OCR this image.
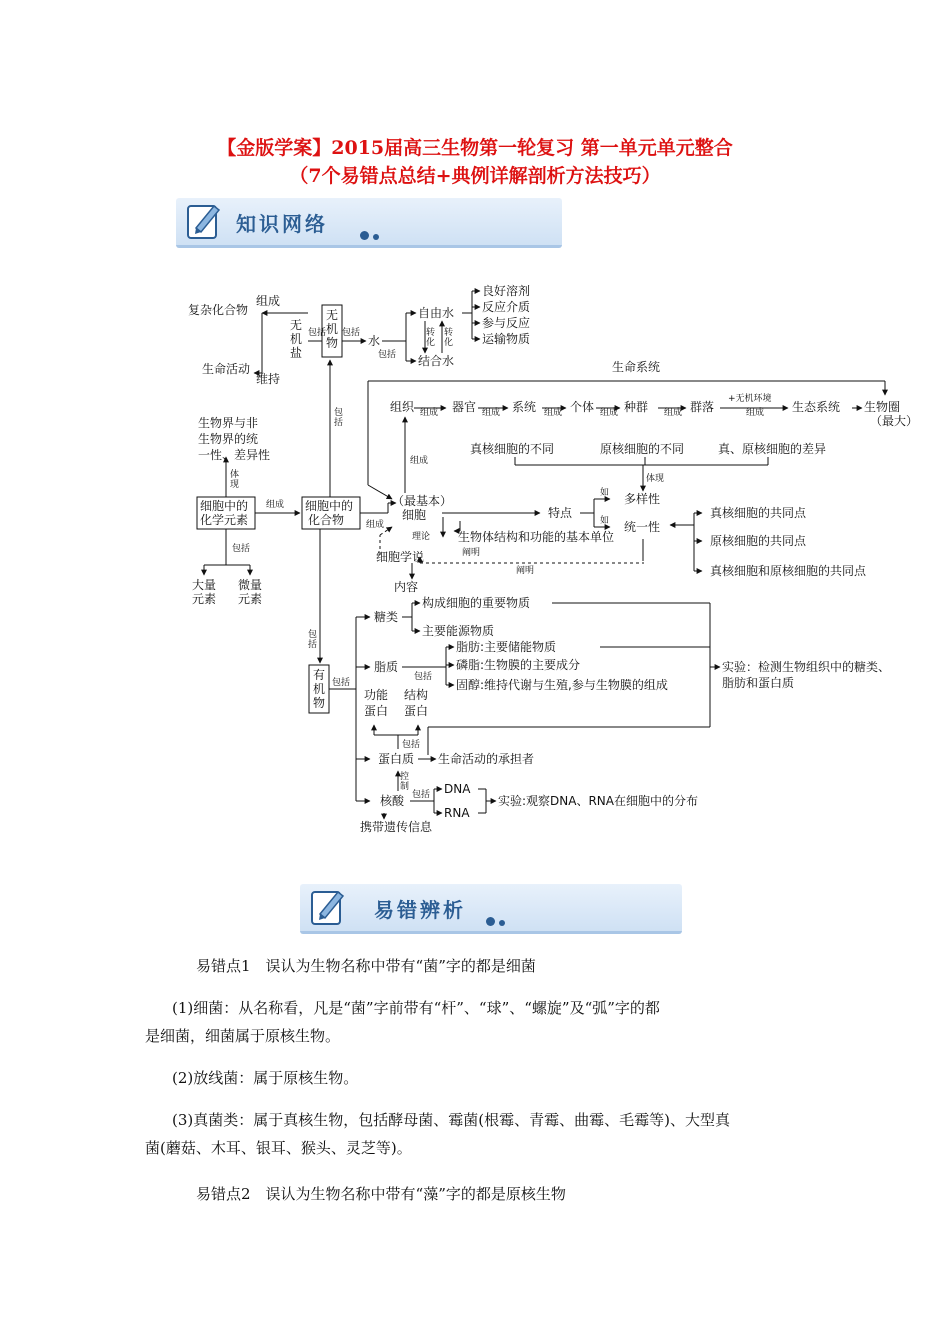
【金版学案】2015届高三生物第一轮复习 第一单元单元整合
（7个易错点总结+典例详解剖析方法技巧）
知识网络
复杂化合物
组成
无
机
盐
无
机
物
包括 包括
水
包括
自由水
结合水
转
化
转
化
良好溶剂
反应介质
参与反应
运输物质
生命活动
维持
生命系统
组织	器官	系统	个体 种群	群落	生态系统 生物圈
（最大）
+无机环境
组成	组成	组成	组成	组成	组成
组成
生物界与非
生物界的统
一性、差异性
体
现
细胞中的
化学元素
细胞中的
化合物
组成
组成
包括
包
括
大量
元素
微量
元素
（最基本）
细胞
真核细胞的不同	原核细胞的不同	真、原核细胞的差异
体现
特点
如
如
多样性
统一性
真核细胞的共同点
原核细胞的共同点
真核细胞和原核细胞的共同点
生物体结构和功能的基本单位
理论
阐明
阐明
细胞学说
内容
包
括
有
机
物
包括
糖类
构成细胞的重要物质
主要能源物质
脂质
包括
脂肪:主要储能物质
磷脂:生物膜的主要成分
固醇:维持代谢与生殖,参与生物膜的组成
实验：检测生物组织中的糖类、
脂肪和蛋白质
功能
蛋白
结构
蛋白
包括
蛋白质 生命活动的承担者
控
制
核酸 包括 DNA
RNA
实验:观察DNA、RNA在细胞中的分布
携带遗传信息
易错辨析
易错点1　误认为生物名称中带有“菌”字的都是细菌
(1)细菌：从名称看，凡是“菌”字前带有“杆”、“球”、“螺旋”及“弧”字的都
是细菌，细菌属于原核生物。
(2)放线菌：属于原核生物。
(3)真菌类：属于真核生物，包括酵母菌、霉菌(根霉、青霉、曲霉、毛霉等)、大型真
菌(蘑菇、木耳、银耳、猴头、灵芝等)。
易错点2　误认为生物名称中带有“藻”字的都是原核生物
